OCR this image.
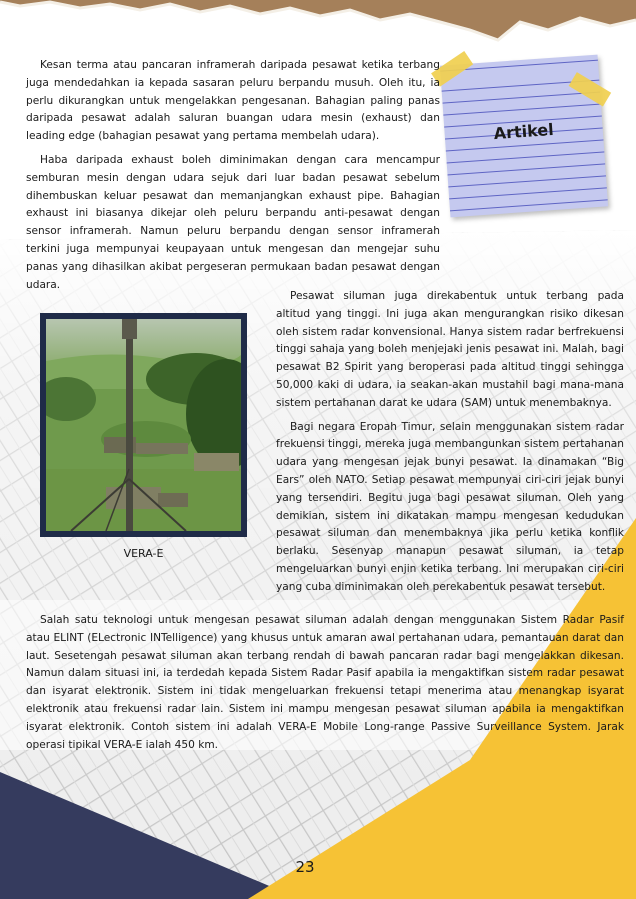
Artikel

Kesan terma atau pancaran inframerah daripada pesawat ketika terbang juga mendedahkan ia kepada sasaran peluru berpandu musuh. Oleh itu, ia perlu dikurangkan untuk mengelakkan pengesanan. Bahagian paling panas daripada pesawat adalah saluran buangan udara mesin (exhaust) dan leading edge (bahagian pesawat yang pertama membelah udara).

Haba daripada exhaust boleh diminimakan dengan cara mencampur semburan mesin dengan udara sejuk dari luar badan pesawat sebelum dihembuskan keluar pesawat dan memanjangkan exhaust pipe. Bahagian exhaust ini biasanya dikejar oleh peluru berpandu anti-pesawat dengan sensor inframerah. Namun peluru berpandu dengan sensor inframerah terkini juga mempunyai keupayaan untuk mengesan dan mengejar suhu panas yang dihasilkan akibat pergeseran permukaan badan pesawat dengan udara.

VERA-E

Pesawat siluman juga direkabentuk untuk terbang pada altitud yang tinggi. Ini juga akan mengurangkan risiko dikesan oleh sistem radar konvensional. Hanya sistem radar berfrekuensi tinggi sahaja yang boleh menjejaki jenis pesawat ini. Malah, bagi pesawat B2 Spirit yang beroperasi pada altitud tinggi sehingga 50,000 kaki di udara, ia seakan-akan mustahil bagi mana-mana sistem pertahanan darat ke udara (SAM) untuk menembaknya.

Bagi negara Eropah Timur, selain menggunakan sistem radar frekuensi tinggi, mereka juga membangunkan sistem pertahanan udara yang mengesan jejak bunyi pesawat. Ia dinamakan “Big Ears” oleh NATO. Setiap pesawat mempunyai ciri-ciri jejak bunyi yang tersendiri. Begitu juga bagi pesawat siluman. Oleh yang demikian, sistem ini dikatakan mampu mengesan kedudukan pesawat siluman dan menembaknya jika perlu ketika konflik berlaku. Sesenyap manapun pesawat siluman, ia tetap mengeluarkan bunyi enjin ketika terbang. Ini merupakan ciri-ciri yang cuba diminimakan oleh perekabentuk pesawat tersebut.

Salah satu teknologi untuk mengesan pesawat siluman adalah dengan menggunakan Sistem Radar Pasif atau ELINT (ELectronic INTelligence) yang khusus untuk amaran awal pertahanan udara, pemantauan darat dan laut. Sesetengah pesawat siluman akan terbang rendah di bawah pancaran radar bagi mengelakkan dikesan. Namun dalam situasi ini, ia terdedah kepada Sistem Radar Pasif apabila ia mengaktifkan sistem radar pesawat dan isyarat elektronik. Sistem ini tidak mengeluarkan frekuensi tetapi menerima atau menangkap isyarat elektronik atau frekuensi radar lain. Sistem ini mampu mengesan pesawat siluman apabila ia mengaktifkan isyarat elektronik. Contoh sistem ini adalah VERA-E Mobile Long-range Passive Surveillance System. Jarak operasi tipikal VERA-E ialah 450 km.

23
